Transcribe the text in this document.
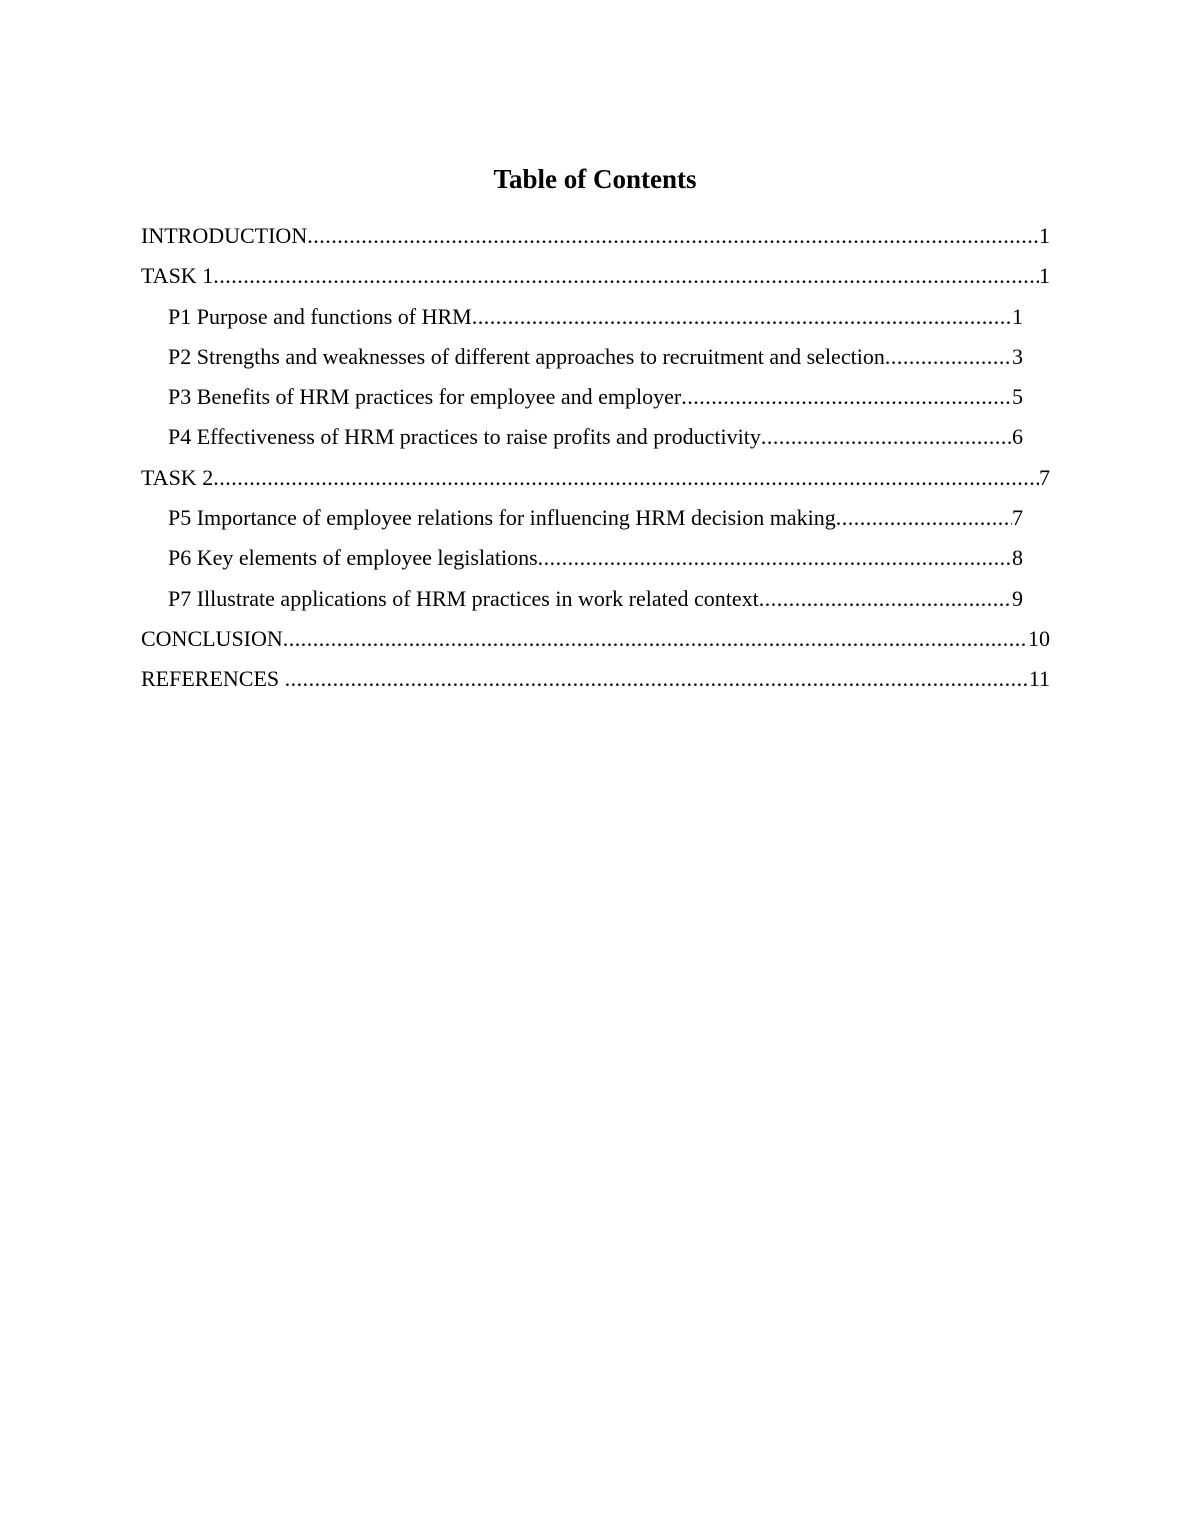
Table of Contents
INTRODUCTION .....	1
TASK 1 .....	1
P1 Purpose and functions of HRM .....	1
P2 Strengths and weaknesses of different approaches to recruitment and selection .....	3
P3 Benefits of HRM practices for employee and employer .....	5
P4 Effectiveness of HRM practices to raise profits and productivity .....	6
TASK 2 .....	7
P5 Importance of employee relations for influencing HRM decision making .....	7
P6 Key elements of employee legislations .....	8
P7 Illustrate applications of HRM practices in work related context .....	9
CONCLUSION .....	10
REFERENCES .....	11
